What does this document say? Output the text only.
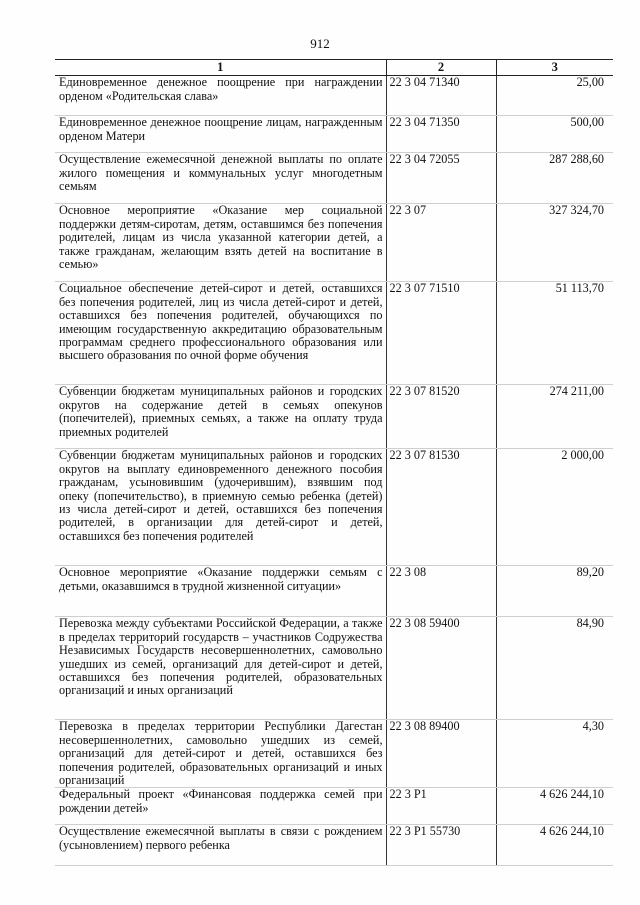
912
1	2	3
Единовременное денежное поощрение при награждении орденом «Родительская слава»	22 3 04 71340	25,00
Единовременное денежное поощрение лицам, награжденным орденом Матери	22 3 04 71350	500,00
Осуществление ежемесячной денежной выплаты по оплате жилого помещения и коммунальных услуг многодетным семьям	22 3 04 72055	287 288,60
Основное мероприятие «Оказание мер социальной поддержки детям-сиротам, детям, оставшимся без попечения родителей, лицам из числа указанной категории детей, а также гражданам, желающим взять детей на воспитание в семью»	22 3 07	327 324,70
Социальное обеспечение детей-сирот и детей, оставшихся без попечения родителей, лиц из числа детей-сирот и детей, оставшихся без попечения родителей, обучающихся по имеющим государственную аккредитацию образовательным программам среднего профессионального образования или высшего образования по очной форме обучения	22 3 07 71510	51 113,70
Субвенции бюджетам муниципальных районов и городских округов на содержание детей в семьях опекунов (попечителей), приемных семьях, а также на оплату труда приемных родителей	22 3 07 81520	274 211,00
Субвенции бюджетам муниципальных районов и городских округов на выплату единовременного денежного пособия гражданам, усыновившим (удочерившим), взявшим под опеку (попечительство), в приемную семью ребенка (детей) из числа детей-сирот и детей, оставшихся без попечения родителей, в организации для детей-сирот и детей, оставшихся без попечения родителей	22 3 07 81530	2 000,00
Основное мероприятие «Оказание поддержки семьям с детьми, оказавшимся в трудной жизненной ситуации»	22 3 08	89,20
Перевозка между субъектами Российской Федерации, а также в пределах территорий государств – участников Содружества Независимых Государств несовершеннолетних, самовольно ушедших из семей, организаций для детей-сирот и детей, оставшихся без попечения родителей, образовательных организаций и иных организаций	22 3 08 59400	84,90
Перевозка в пределах территории Республики Дагестан несовершеннолетних, самовольно ушедших из семей, организаций для детей-сирот и детей, оставшихся без попечения родителей, образовательных организаций и иных организаций	22 3 08 89400	4,30
Федеральный проект «Финансовая поддержка семей при рождении детей»	22 3 P1	4 626 244,10
Осуществление ежемесячной выплаты в связи с рождением (усыновлением) первого ребенка	22 3 P1 55730	4 626 244,10
